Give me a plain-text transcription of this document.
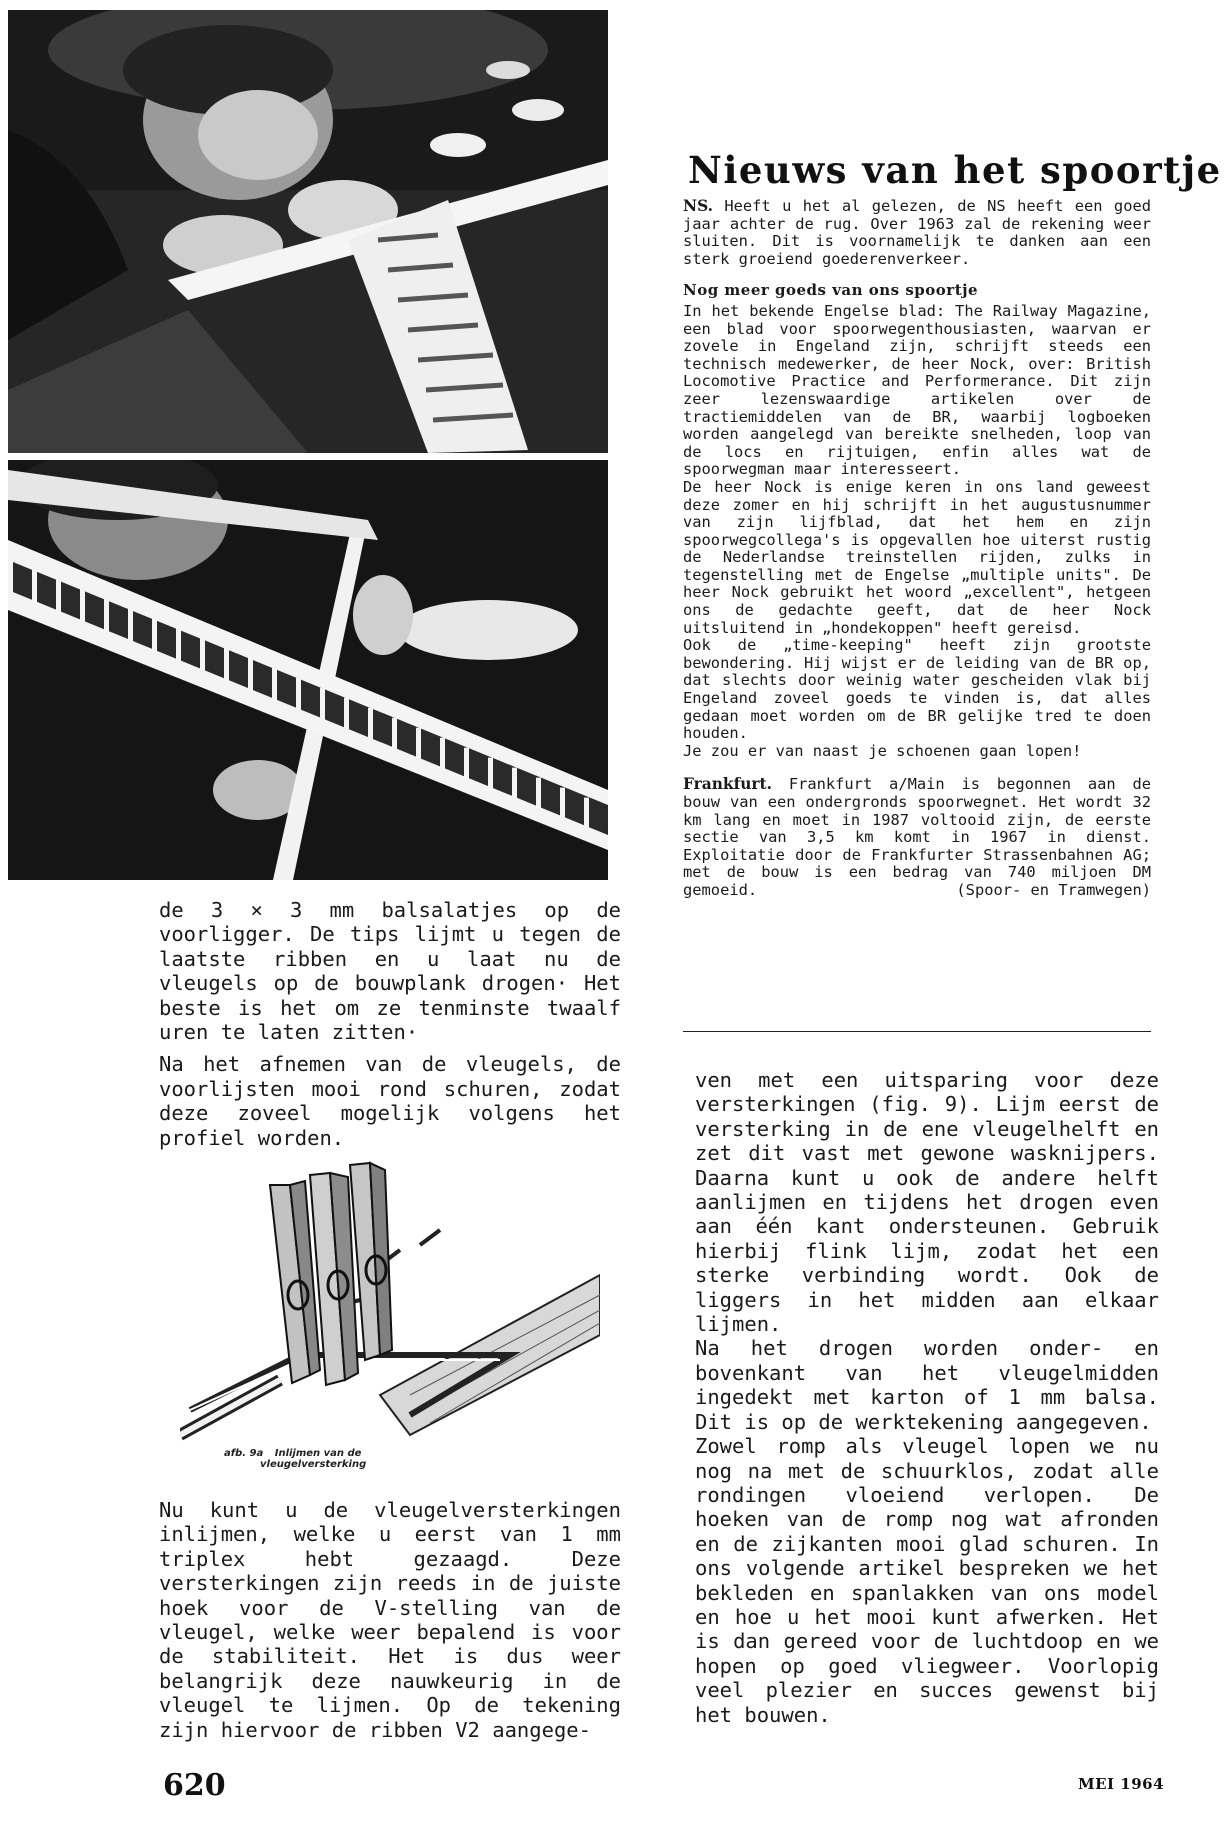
de 3 × 3 mm balsalatjes op de voorligger. De tips lijmt u tegen de laatste ribben en u laat nu de vleugels op de bouwplank drogen· Het beste is het om ze tenminste twaalf uren te laten zitten·

Na het afnemen van de vleugels, de voorlijsten mooi rond schuren, zodat deze zoveel mogelijk volgens het profiel worden.

afb. 9a Inlijmen van de
vleugelversterking

Nu kunt u de vleugelversterkingen inlijmen, welke u eerst van 1 mm triplex hebt gezaagd. Deze versterkingen zijn reeds in de juiste hoek voor de V-stelling van de vleugel, welke weer bepalend is voor de stabiliteit. Het is dus weer belangrijk deze nauwkeurig in de vleugel te lijmen. Op de tekening zijn hiervoor de ribben V2 aangege-

Nieuws van het spoortje

NS. Heeft u het al gelezen, de NS heeft een goed jaar achter de rug. Over 1963 zal de rekening weer sluiten. Dit is voornamelijk te danken aan een sterk groeiend goederenverkeer.

Nog meer goeds van ons spoortje

In het bekende Engelse blad: The Railway Magazine, een blad voor spoorwegenthousiasten, waarvan er zovele in Engeland zijn, schrijft steeds een technisch medewerker, de heer Nock, over: British Locomotive Practice and Performerance. Dit zijn zeer lezenswaardige artikelen over de tractiemiddelen van de BR, waarbij logboeken worden aangelegd van bereikte snelheden, loop van de locs en rijtuigen, enfin alles wat de spoorwegman maar interesseert.

De heer Nock is enige keren in ons land geweest deze zomer en hij schrijft in het augustusnummer van zijn lijfblad, dat het hem en zijn spoorwegcollega's is opgevallen hoe uiterst rustig de Nederlandse treinstellen rijden, zulks in tegenstelling met de Engelse „multiple units". De heer Nock gebruikt het woord „excellent", hetgeen ons de gedachte geeft, dat de heer Nock uitsluitend in „hondekoppen" heeft gereisd.

Ook de „time-keeping" heeft zijn grootste bewondering. Hij wijst er de leiding van de BR op, dat slechts door weinig water gescheiden vlak bij Engeland zoveel goeds te vinden is, dat alles gedaan moet worden om de BR gelijke tred te doen houden.

Je zou er van naast je schoenen gaan lopen!

Frankfurt. Frankfurt a/Main is begonnen aan de bouw van een ondergronds spoorwegnet. Het wordt 32 km lang en moet in 1987 voltooid zijn, de eerste sectie van 3,5 km komt in 1967 in dienst. Exploitatie door de Frankfurter Strassenbahnen AG; met de bouw is een bedrag van 740 miljoen DM gemoeid.	(Spoor- en Tramwegen)

ven met een uitsparing voor deze versterkingen (fig. 9). Lijm eerst de versterking in de ene vleugelhelft en zet dit vast met gewone wasknijpers. Daarna kunt u ook de andere helft aanlijmen en tijdens het drogen even aan één kant ondersteunen. Gebruik hierbij flink lijm, zodat het een sterke verbinding wordt. Ook de liggers in het midden aan elkaar lijmen.

Na het drogen worden onder- en bovenkant van het vleugelmidden ingedekt met karton of 1 mm balsa. Dit is op de werktekening aangegeven.

Zowel romp als vleugel lopen we nu nog na met de schuurklos, zodat alle rondingen vloeiend verlopen. De hoeken van de romp nog wat afronden en de zijkanten mooi glad schuren. In ons volgende artikel bespreken we het bekleden en spanlakken van ons model en hoe u het mooi kunt afwerken. Het is dan gereed voor de luchtdoop en we hopen op goed vliegweer. Voorlopig veel plezier en succes gewenst bij het bouwen.

620	MEI 1964
